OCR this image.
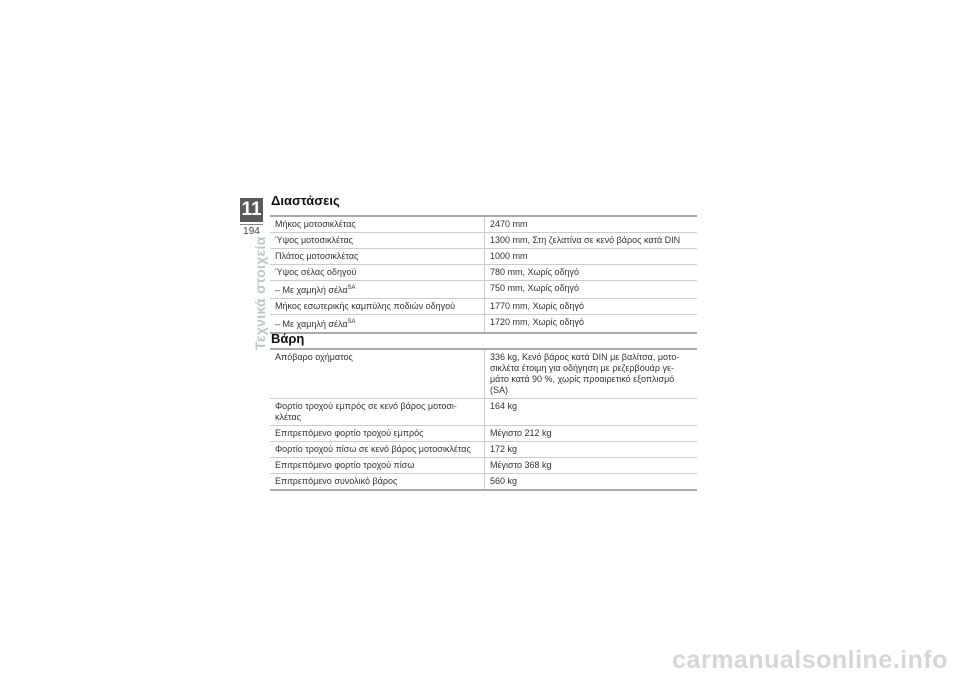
11
194
Τεχνικά στοιχεία
Διαστάσεις
Μήκος μοτοσικλέτας	2470 mm
Ύψος μοτοσικλέτας	1300 mm, Στη ζελατίνα σε κενό βάρος κατά DIN
Πλάτος μοτοσικλέτας	1000 mm
Ύψος σέλας οδηγού	780 mm, Χωρίς οδηγό
– Με χαμηλή σέλα$^{SA}$	750 mm, Χωρίς οδηγό
Μήκος εσωτερικής καμπύλης ποδιών οδηγού	1770 mm, Χωρίς οδηγό
– Με χαμηλή σέλα$^{SA}$	1720 mm, Χωρίς οδηγό
Βάρη
Απόβαρο οχήματος	336 kg, Κενό βάρος κατά DIN με βαλίτσα, μοτο-σικλέτα έτοιμη για οδήγηση με ρεζερβουάρ γε-μάτο κατά 90 %, χωρίς προαιρετικό εξοπλισμό (SA)
Φορτίο τροχού εμπρός σε κενό βάρος μοτοσι-κλέτας	164 kg
Επιτρεπόμενο φορτίο τροχού εμπρός	Μέγιστο 212 kg
Φορτίο τροχού πίσω σε κενό βάρος μοτοσικλέτας	172 kg
Επιτρεπόμενο φορτίο τροχού πίσω	Μέγιστο 368 kg
Επιτρεπόμενο συνολικό βάρος	560 kg
carmanualsonline.info
